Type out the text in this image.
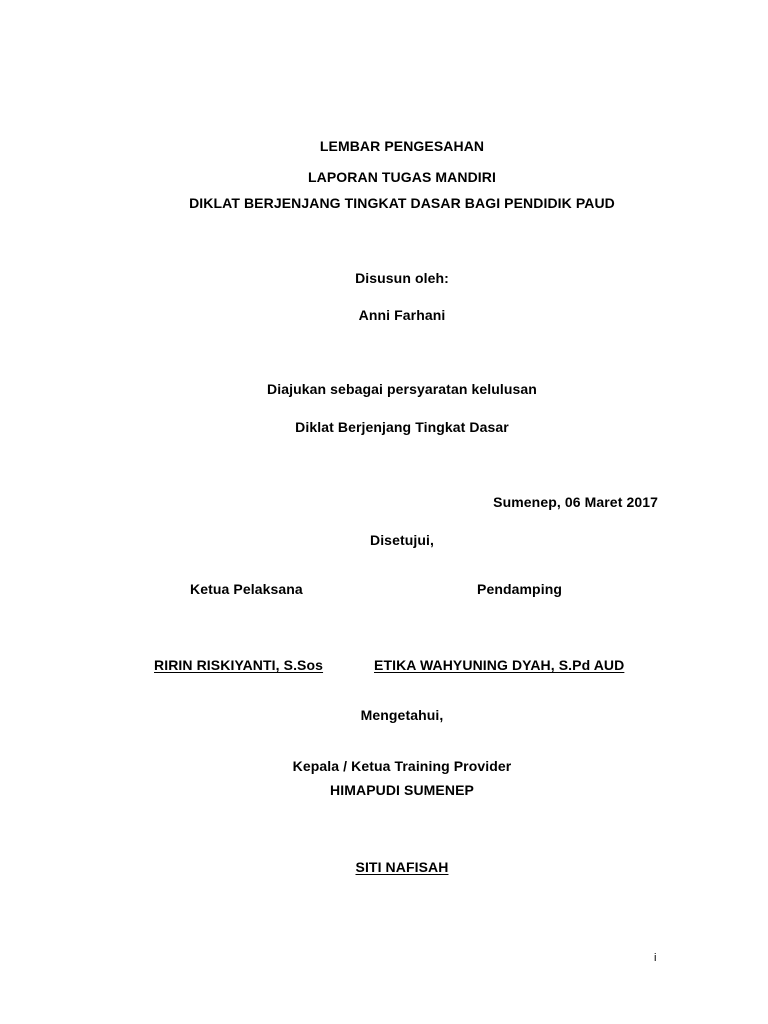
LEMBAR PENGESAHAN
LAPORAN TUGAS MANDIRI
DIKLAT BERJENJANG TINGKAT DASAR BAGI PENDIDIK PAUD
Disusun oleh:
Anni Farhani
Diajukan sebagai persyaratan kelulusan
Diklat Berjenjang Tingkat Dasar
Sumenep, 06 Maret 2017
Disetujui,
Ketua Pelaksana	Pendamping
RIRIN RISKIYANTI, S.Sos	ETIKA WAHYUNING DYAH, S.Pd AUD
Mengetahui,
Kepala / Ketua Training Provider
HIMAPUDI SUMENEP
SITI NAFISAH
i
